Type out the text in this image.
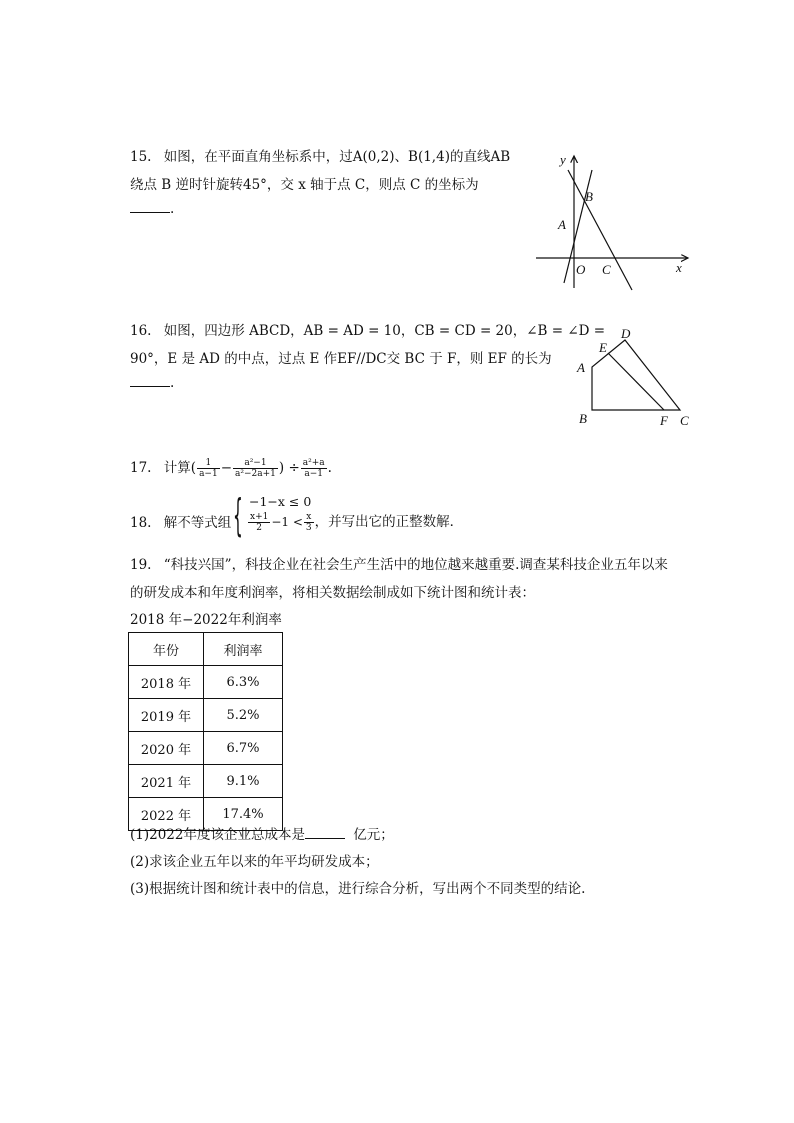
15. 如图，在平面直角坐标系中，过A(0,2)、B(1,4)的直线AB
绕点 B 逆时针旋转45°，交 x 轴于点 C，则点 C 的坐标为
.
y
x
B
A
O C
16. 如图，四边形 ABCD，AB = AD = 10，CB = CD = 20，∠B = ∠D =
90°，E 是 AD 的中点，过点 E 作EF//DC交 BC 于 F，则 EF 的长为
.
D
E
A
B	F C
17. 计算( $\frac{1}{a-1} - \frac{\text{a²−1}}{\text{a²−2a+1}}$ ) ÷ $\frac{\text{a²+a}}{a-1}$ .
18. 解不等式组 { −1−x ≤ 0
$\frac{x+1}{2} -1 < \frac{x}{3}$ ，并写出它的正整数解．
19. “科技兴国”，科技企业在社会生产生活中的地位越来越重要.调查某科技企业五年以来
的研发成本和年度利润率，将相关数据绘制成如下统计图和统计表：
2018 年−2022年利润率
年份	利润率
2018 年	6.3%
2019 年	5.2%
2020 年	6.7%
2021 年	9.1%
2022 年	17.4%
(1)2022年度该企业总成本是	亿元；
(2)求该企业五年以来的年平均研发成本；
(3)根据统计图和统计表中的信息，进行综合分析，写出两个不同类型的结论.
